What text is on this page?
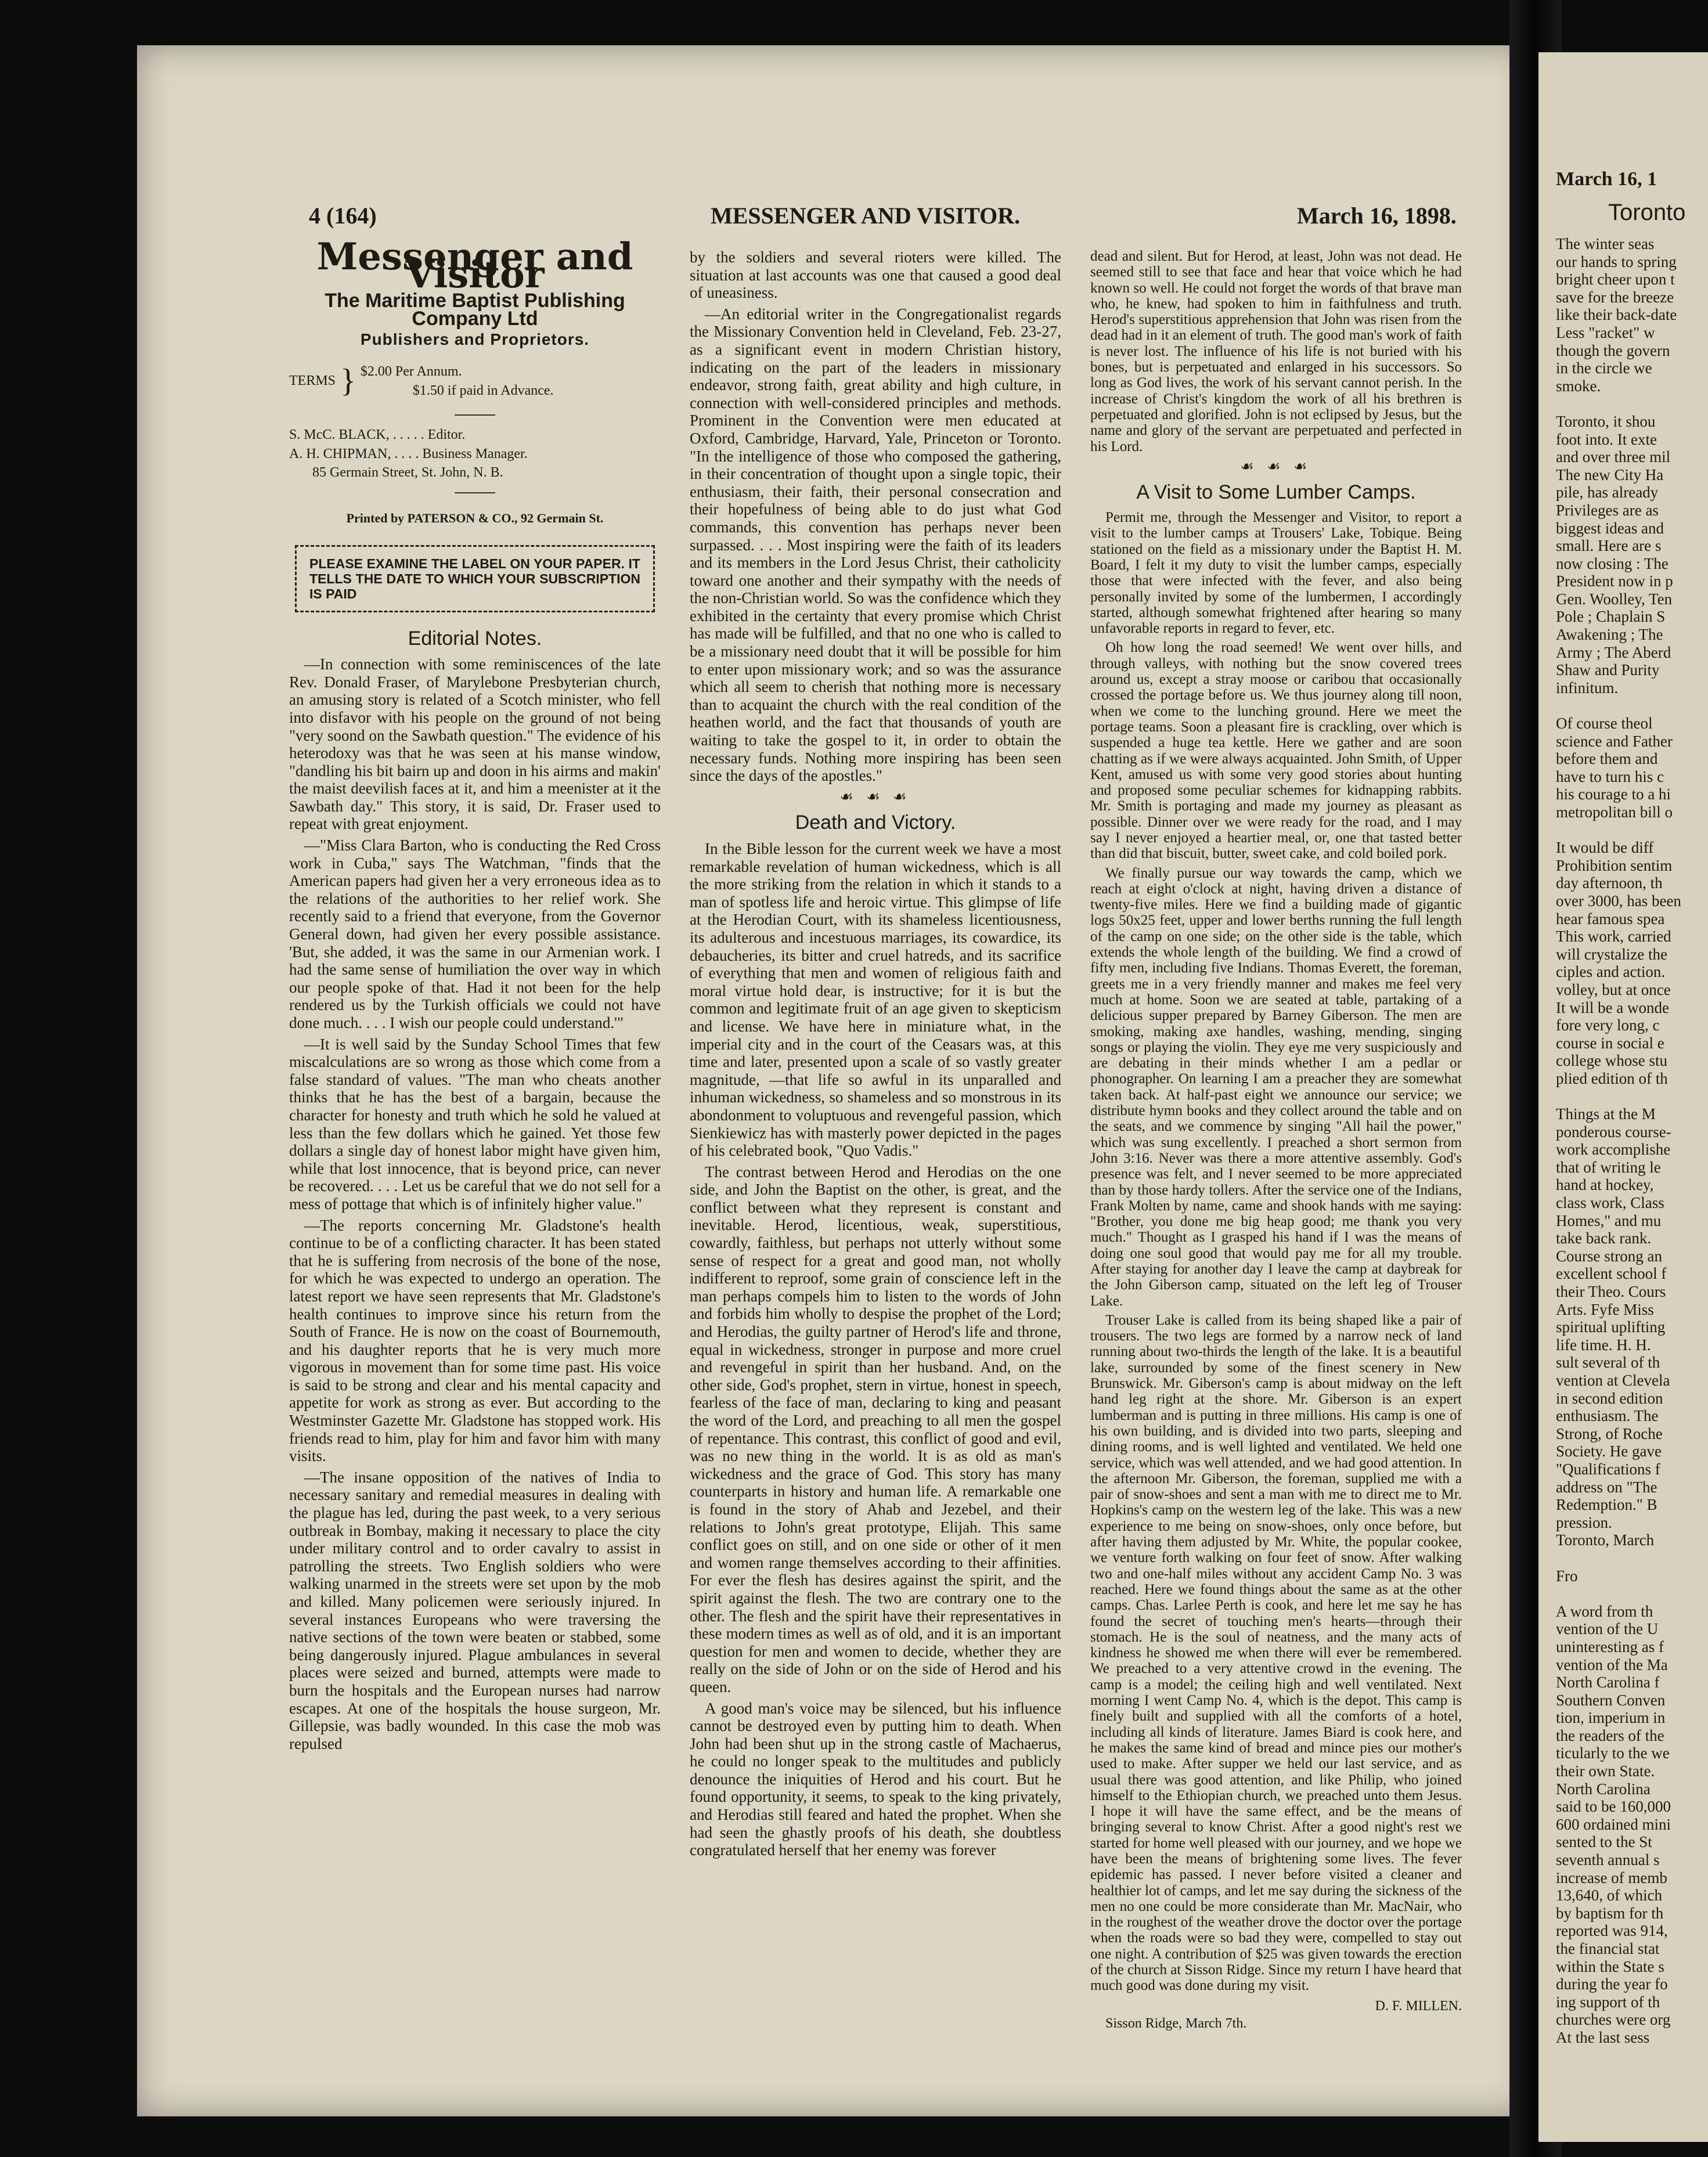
4 (164)	MESSENGER AND VISITOR.	March 16, 1898.
Messenger and Visitor
The Maritime Baptist Publishing Company Ltd
Publishers and Proprietors.
TERMS } $2.00 Per Annum.
$1.50 if paid in Advance.
S. McC. BLACK, . . . . . Editor.
A. H. CHIPMAN, . . . . Business Manager.
85 Germain Street, St. John, N. B.
Printed by PATERSON & CO., 92 Germain St.
PLEASE EXAMINE THE LABEL ON YOUR PAPER. IT TELLS THE DATE TO WHICH YOUR SUBSCRIPTION IS PAID
Editorial Notes.

—In connection with some reminiscences of the late Rev. Donald Fraser, of Marylebone Presbyterian church, an amusing story is related of a Scotch minister, who fell into disfavor with his people on the ground of not being "very soond on the Sawbath question." The evidence of his heterodoxy was that he was seen at his manse window, "dandling his bit bairn up and doon in his airms and makin' the maist deevilish faces at it, and him a meenister at it the Sawbath day." This story, it is said, Dr. Fraser used to repeat with great enjoyment.

—"Miss Clara Barton, who is conducting the Red Cross work in Cuba," says The Watchman, "finds that the American papers had given her a very erroneous idea as to the relations of the authorities to her relief work. She recently said to a friend that everyone, from the Governor General down, had given her every possible assistance. 'But, she added, it was the same in our Armenian work. I had the same sense of humiliation the over way in which our people spoke of that. Had it not been for the help rendered us by the Turkish officials we could not have done much. . . . I wish our people could understand.'"

—It is well said by the Sunday School Times that few miscalculations are so wrong as those which come from a false standard of values. "The man who cheats another thinks that he has the best of a bargain, because the character for honesty and truth which he sold he valued at less than the few dollars which he gained. Yet those few dollars a single day of honest labor might have given him, while that lost innocence, that is beyond price, can never be recovered. . . . Let us be careful that we do not sell for a mess of pottage that which is of infinitely higher value."

—The reports concerning Mr. Gladstone's health continue to be of a conflicting character. It has been stated that he is suffering from necrosis of the bone of the nose, for which he was expected to undergo an operation. The latest report we have seen represents that Mr. Gladstone's health continues to improve since his return from the South of France. He is now on the coast of Bournemouth, and his daughter reports that he is very much more vigorous in movement than for some time past. His voice is said to be strong and clear and his mental capacity and appetite for work as strong as ever. But according to the Westminster Gazette Mr. Gladstone has stopped work. His friends read to him, play for him and favor him with many visits.

—The insane opposition of the natives of India to necessary sanitary and remedial measures in dealing with the plague has led, during the past week, to a very serious outbreak in Bombay, making it necessary to place the city under military control and to order cavalry to assist in patrolling the streets. Two English soldiers who were walking unarmed in the streets were set upon by the mob and killed. Many policemen were seriously injured. In several instances Europeans who were traversing the native sections of the town were beaten or stabbed, some being dangerously injured. Plague ambulances in several places were seized and burned, attempts were made to burn the hospitals and the European nurses had narrow escapes. At one of the hospitals the house surgeon, Mr. Gillepsie, was badly wounded. In this case the mob was repulsed

by the soldiers and several rioters were killed. The situation at last accounts was one that caused a good deal of uneasiness.

—An editorial writer in the Congregationalist regards the Missionary Convention held in Cleveland, Feb. 23-27, as a significant event in modern Christian history, indicating on the part of the leaders in missionary endeavor, strong faith, great ability and high culture, in connection with well-considered principles and methods. Prominent in the Convention were men educated at Oxford, Cambridge, Harvard, Yale, Princeton or Toronto. "In the intelligence of those who composed the gathering, in their concentration of thought upon a single topic, their enthusiasm, their faith, their personal consecration and their hopefulness of being able to do just what God commands, this convention has perhaps never been surpassed. . . . Most inspiring were the faith of its leaders and its members in the Lord Jesus Christ, their catholicity toward one another and their sympathy with the needs of the non-Christian world. So was the confidence which they exhibited in the certainty that every promise which Christ has made will be fulfilled, and that no one who is called to be a missionary need doubt that it will be possible for him to enter upon missionary work; and so was the assurance which all seem to cherish that nothing more is necessary than to acquaint the church with the real condition of the heathen world, and the fact that thousands of youth are waiting to take the gospel to it, in order to obtain the necessary funds. Nothing more inspiring has been seen since the days of the apostles."

☙ ☙ ☙
Death and Victory.

In the Bible lesson for the current week we have a most remarkable revelation of human wickedness, which is all the more striking from the relation in which it stands to a man of spotless life and heroic virtue. This glimpse of life at the Herodian Court, with its shameless licentiousness, its adulterous and incestuous marriages, its cowardice, its debaucheries, its bitter and cruel hatreds, and its sacrifice of everything that men and women of religious faith and moral virtue hold dear, is instructive; for it is but the common and legitimate fruit of an age given to skepticism and license. We have here in miniature what, in the imperial city and in the court of the Ceasars was, at this time and later, presented upon a scale of so vastly greater magnitude, —that life so awful in its unparalled and inhuman wickedness, so shameless and so monstrous in its abondonment to voluptuous and revengeful passion, which Sienkiewicz has with masterly power depicted in the pages of his celebrated book, "Quo Vadis."

The contrast between Herod and Herodias on the one side, and John the Baptist on the other, is great, and the conflict between what they represent is constant and inevitable. Herod, licentious, weak, superstitious, cowardly, faithless, but perhaps not utterly without some sense of respect for a great and good man, not wholly indifferent to reproof, some grain of conscience left in the man perhaps compels him to listen to the words of John and forbids him wholly to despise the prophet of the Lord; and Herodias, the guilty partner of Herod's life and throne, equal in wickedness, stronger in purpose and more cruel and revengeful in spirit than her husband. And, on the other side, God's prophet, stern in virtue, honest in speech, fearless of the face of man, declaring to king and peasant the word of the Lord, and preaching to all men the gospel of repentance. This contrast, this conflict of good and evil, was no new thing in the world. It is as old as man's wickedness and the grace of God. This story has many counterparts in history and human life. A remarkable one is found in the story of Ahab and Jezebel, and their relations to John's great prototype, Elijah. This same conflict goes on still, and on one side or other of it men and women range themselves according to their affinities. For ever the flesh has desires against the spirit, and the spirit against the flesh. The two are contrary one to the other. The flesh and the spirit have their representatives in these modern times as well as of old, and it is an important question for men and women to decide, whether they are really on the side of John or on the side of Herod and his queen.

A good man's voice may be silenced, but his influence cannot be destroyed even by putting him to death. When John had been shut up in the strong castle of Machaerus, he could no longer speak to the multitudes and publicly denounce the iniquities of Herod and his court. But he found opportunity, it seems, to speak to the king privately, and Herodias still feared and hated the prophet. When she had seen the ghastly proofs of his death, she doubtless congratulated herself that her enemy was forever

dead and silent. But for Herod, at least, John was not dead. He seemed still to see that face and hear that voice which he had known so well. He could not forget the words of that brave man who, he knew, had spoken to him in faithfulness and truth. Herod's superstitious apprehension that John was risen from the dead had in it an element of truth. The good man's work of faith is never lost. The influence of his life is not buried with his bones, but is perpetuated and enlarged in his successors. So long as God lives, the work of his servant cannot perish. In the increase of Christ's kingdom the work of all his brethren is perpetuated and glorified. John is not eclipsed by Jesus, but the name and glory of the servant are perpetuated and perfected in his Lord.

☙ ☙ ☙
A Visit to Some Lumber Camps.

Permit me, through the Messenger and Visitor, to report a visit to the lumber camps at Trousers' Lake, Tobique. Being stationed on the field as a missionary under the Baptist H. M. Board, I felt it my duty to visit the lumber camps, especially those that were infected with the fever, and also being personally invited by some of the lumbermen, I accordingly started, although somewhat frightened after hearing so many unfavorable reports in regard to fever, etc.

Oh how long the road seemed! We went over hills, and through valleys, with nothing but the snow covered trees around us, except a stray moose or caribou that occasionally crossed the portage before us. We thus journey along till noon, when we come to the lunching ground. Here we meet the portage teams. Soon a pleasant fire is crackling, over which is suspended a huge tea kettle. Here we gather and are soon chatting as if we were always acquainted. John Smith, of Upper Kent, amused us with some very good stories about hunting and proposed some peculiar schemes for kidnapping rabbits. Mr. Smith is portaging and made my journey as pleasant as possible. Dinner over we were ready for the road, and I may say I never enjoyed a heartier meal, or, one that tasted better than did that biscuit, butter, sweet cake, and cold boiled pork.

We finally pursue our way towards the camp, which we reach at eight o'clock at night, having driven a distance of twenty-five miles. Here we find a building made of gigantic logs 50x25 feet, upper and lower berths running the full length of the camp on one side; on the other side is the table, which extends the whole length of the building. We find a crowd of fifty men, including five Indians. Thomas Everett, the foreman, greets me in a very friendly manner and makes me feel very much at home. Soon we are seated at table, partaking of a delicious supper prepared by Barney Giberson. The men are smoking, making axe handles, washing, mending, singing songs or playing the violin. They eye me very suspiciously and are debating in their minds whether I am a pedlar or phonographer. On learning I am a preacher they are somewhat taken back. At half-past eight we announce our service; we distribute hymn books and they collect around the table and on the seats, and we commence by singing "All hail the power," which was sung excellently. I preached a short sermon from John 3:16. Never was there a more attentive assembly. God's presence was felt, and I never seemed to be more appreciated than by those hardy tollers. After the service one of the Indians, Frank Molten by name, came and shook hands with me saying: "Brother, you done me big heap good; me thank you very much." Thought as I grasped his hand if I was the means of doing one soul good that would pay me for all my trouble. After staying for another day I leave the camp at daybreak for the John Giberson camp, situated on the left leg of Trouser Lake.

Trouser Lake is called from its being shaped like a pair of trousers. The two legs are formed by a narrow neck of land running about two-thirds the length of the lake. It is a beautiful lake, surrounded by some of the finest scenery in New Brunswick. Mr. Giberson's camp is about midway on the left hand leg right at the shore. Mr. Giberson is an expert lumberman and is putting in three millions. His camp is one of his own building, and is divided into two parts, sleeping and dining rooms, and is well lighted and ventilated. We held one service, which was well attended, and we had good attention. In the afternoon Mr. Giberson, the foreman, supplied me with a pair of snow-shoes and sent a man with me to direct me to Mr. Hopkins's camp on the western leg of the lake. This was a new experience to me being on snow-shoes, only once before, but after having them adjusted by Mr. White, the popular cookee, we venture forth walking on four feet of snow. After walking two and one-half miles without any accident Camp No. 3 was reached. Here we found things about the same as at the other camps. Chas. Larlee Perth is cook, and here let me say he has found the secret of touching men's hearts—through their stomach. He is the soul of neatness, and the many acts of kindness he showed me when there will ever be remembered. We preached to a very attentive crowd in the evening. The camp is a model; the ceiling high and well ventilated. Next morning I went Camp No. 4, which is the depot. This camp is finely built and supplied with all the comforts of a hotel, including all kinds of literature. James Biard is cook here, and he makes the same kind of bread and mince pies our mother's used to make. After supper we held our last service, and as usual there was good attention, and like Philip, who joined himself to the Ethiopian church, we preached unto them Jesus. I hope it will have the same effect, and be the means of bringing several to know Christ. After a good night's rest we started for home well pleased with our journey, and we hope we have been the means of brightening some lives. The fever epidemic has passed. I never before visited a cleaner and healthier lot of camps, and let me say during the sickness of the men no one could be more considerate than Mr. MacNair, who in the roughest of the weather drove the doctor over the portage when the roads were so bad they were, compelled to stay out one night. A contribution of $25 was given towards the erection of the church at Sisson Ridge. Since my return I have heard that much good was done during my visit.

D. F. MILLEN.
Sisson Ridge, March 7th.
March 16, 1
Toronto
The winter seas
our hands to spring
bright cheer upon t
save for the breeze
like their back-date
Less "racket" w
though the govern
in the circle we
smoke.

Toronto, it shou
foot into. It exte
and over three mil
The new City Ha
pile, has already
Privileges are as
biggest ideas and
small. Here are s
now closing : The
President now in p
Gen. Woolley, Ten
Pole ; Chaplain S
Awakening ; The
Army ; The Aberd
Shaw and Purity
infinitum.

Of course theol
science and Father
before them and
have to turn his c
his courage to a hi
metropolitan bill o

It would be diff
Prohibition sentim
day afternoon, th
over 3000, has been
hear famous spea
This work, carried
will crystalize the
ciples and action.
volley, but at once
It will be a wonde
fore very long, c
course in social e
college whose stu
plied edition of th

Things at the M
ponderous course-
work accomplishe
that of writing le
hand at hockey,
class work, Class
Homes," and mu
take back rank.
Course strong an
excellent school f
their Theo. Cours
Arts. Fyfe Miss
spiritual uplifting
life time. H. H.
sult several of th
vention at Clevela
in second edition
enthusiasm. The
Strong, of Roche
Society. He gave
"Qualifications f
address on "The
Redemption." B
pression.
Toronto, March

Fro

A word from th
vention of the U
uninteresting as f
vention of the Ma
North Carolina f
Southern Conven
tion, imperium in
the readers of the
ticularly to the we
their own State.
North Carolina
said to be 160,000
600 ordained mini
sented to the St
seventh annual s
increase of memb
13,640, of which
by baptism for th
reported was 914,
the financial stat
within the State s
during the year fo
ing support of th
churches were org
At the last sess
